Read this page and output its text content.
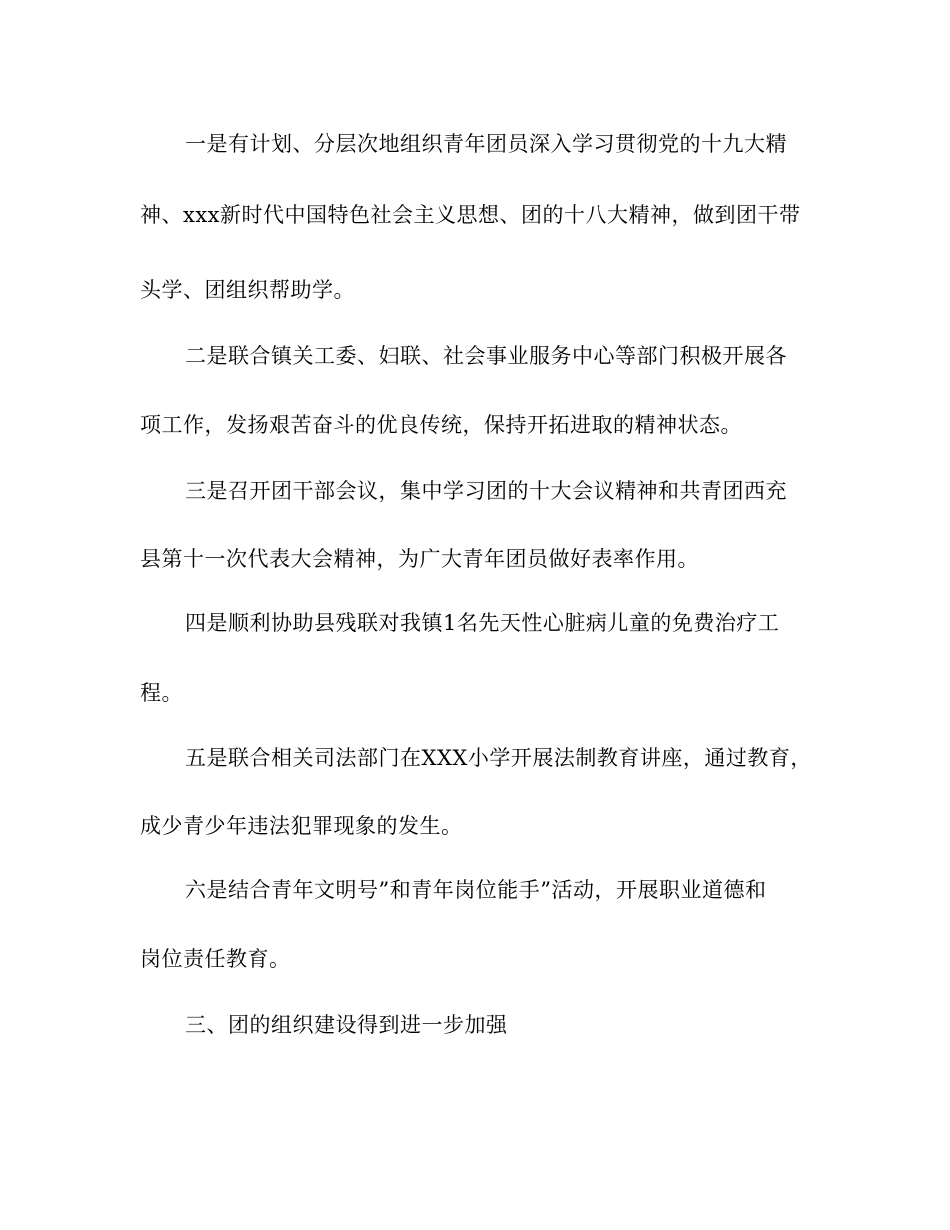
一是有计划、分层次地组织青年团员深入学习贯彻党的十九大精
神、xxx新时代中国特色社会主义思想、团的十八大精神，做到团干带
头学、团组织帮助学。
二是联合镇关工委、妇联、社会事业服务中心等部门积极开展各
项工作，发扬艰苦奋斗的优良传统，保持开拓进取的精神状态。
三是召开团干部会议，集中学习团的十大会议精神和共青团西充
县第十一次代表大会精神，为广大青年团员做好表率作用。
四是顺利协助县残联对我镇1名先天性心脏病儿童的免费治疗工
程。
五是联合相关司法部门在XXX小学开展法制教育讲座，通过教育，
成少青少年违法犯罪现象的发生。
六是结合青年文明号”和青年岗位能手”活动，开展职业道德和
岗位责任教育。
三、团的组织建设得到进一步加强
